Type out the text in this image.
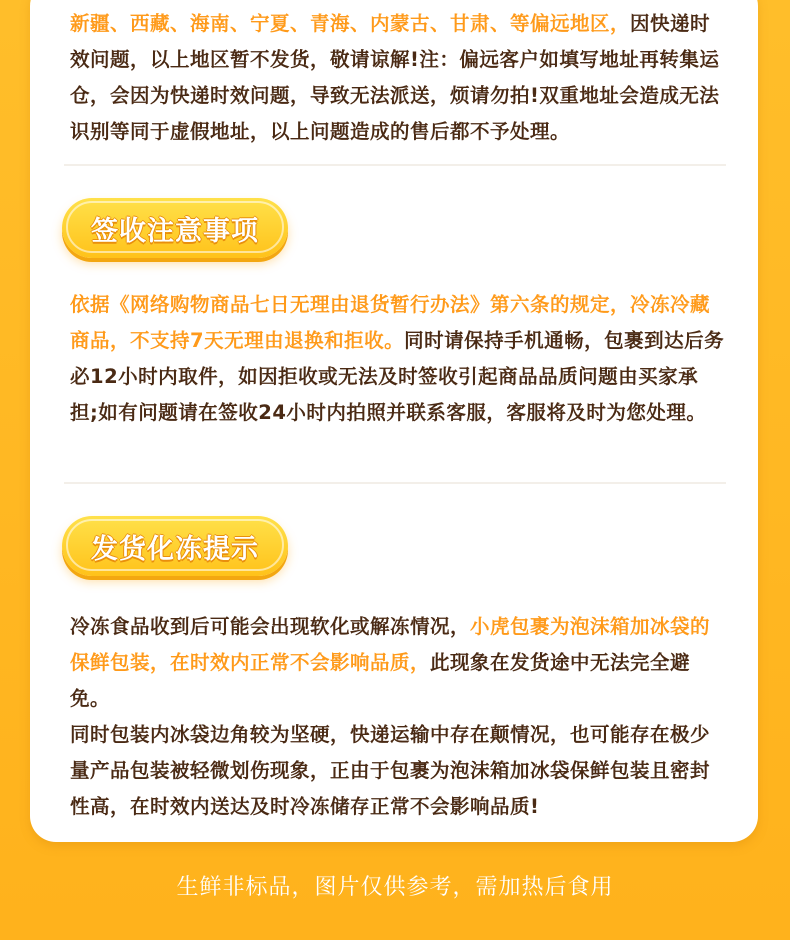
新疆、西藏、海南、宁夏、青海、内蒙古、甘肃、等偏远地区，因快递时效问题，以上地区暂不发货，敬请谅解!注：偏远客户如填写地址再转集运仓，会因为快递时效问题，导致无法派送，烦请勿拍!双重地址会造成无法识别等同于虚假地址，以上问题造成的售后都不予处理。
签收注意事项
依据《网络购物商品七日无理由退货暂行办法》第六条的规定，冷冻冷藏商品，不支持7天无理由退换和拒收。同时请保持手机通畅，包裹到达后务必12小时内取件，如因拒收或无法及时签收引起商品品质问题由买家承担;如有问题请在签收24小时内拍照并联系客服，客服将及时为您处理。
发货化冻提示
冷冻食品收到后可能会出现软化或解冻情况，小虎包裹为泡沫箱加冰袋的保鲜包装，在时效内正常不会影响品质，此现象在发货途中无法完全避免。
同时包装内冰袋边角较为坚硬，快递运输中存在颠情况，也可能存在极少量产品包装被轻微划伤现象，正由于包裹为泡沫箱加冰袋保鲜包装且密封性高，在时效内送达及时冷冻储存正常不会影响品质!
生鲜非标品，图片仅供参考，需加热后食用
